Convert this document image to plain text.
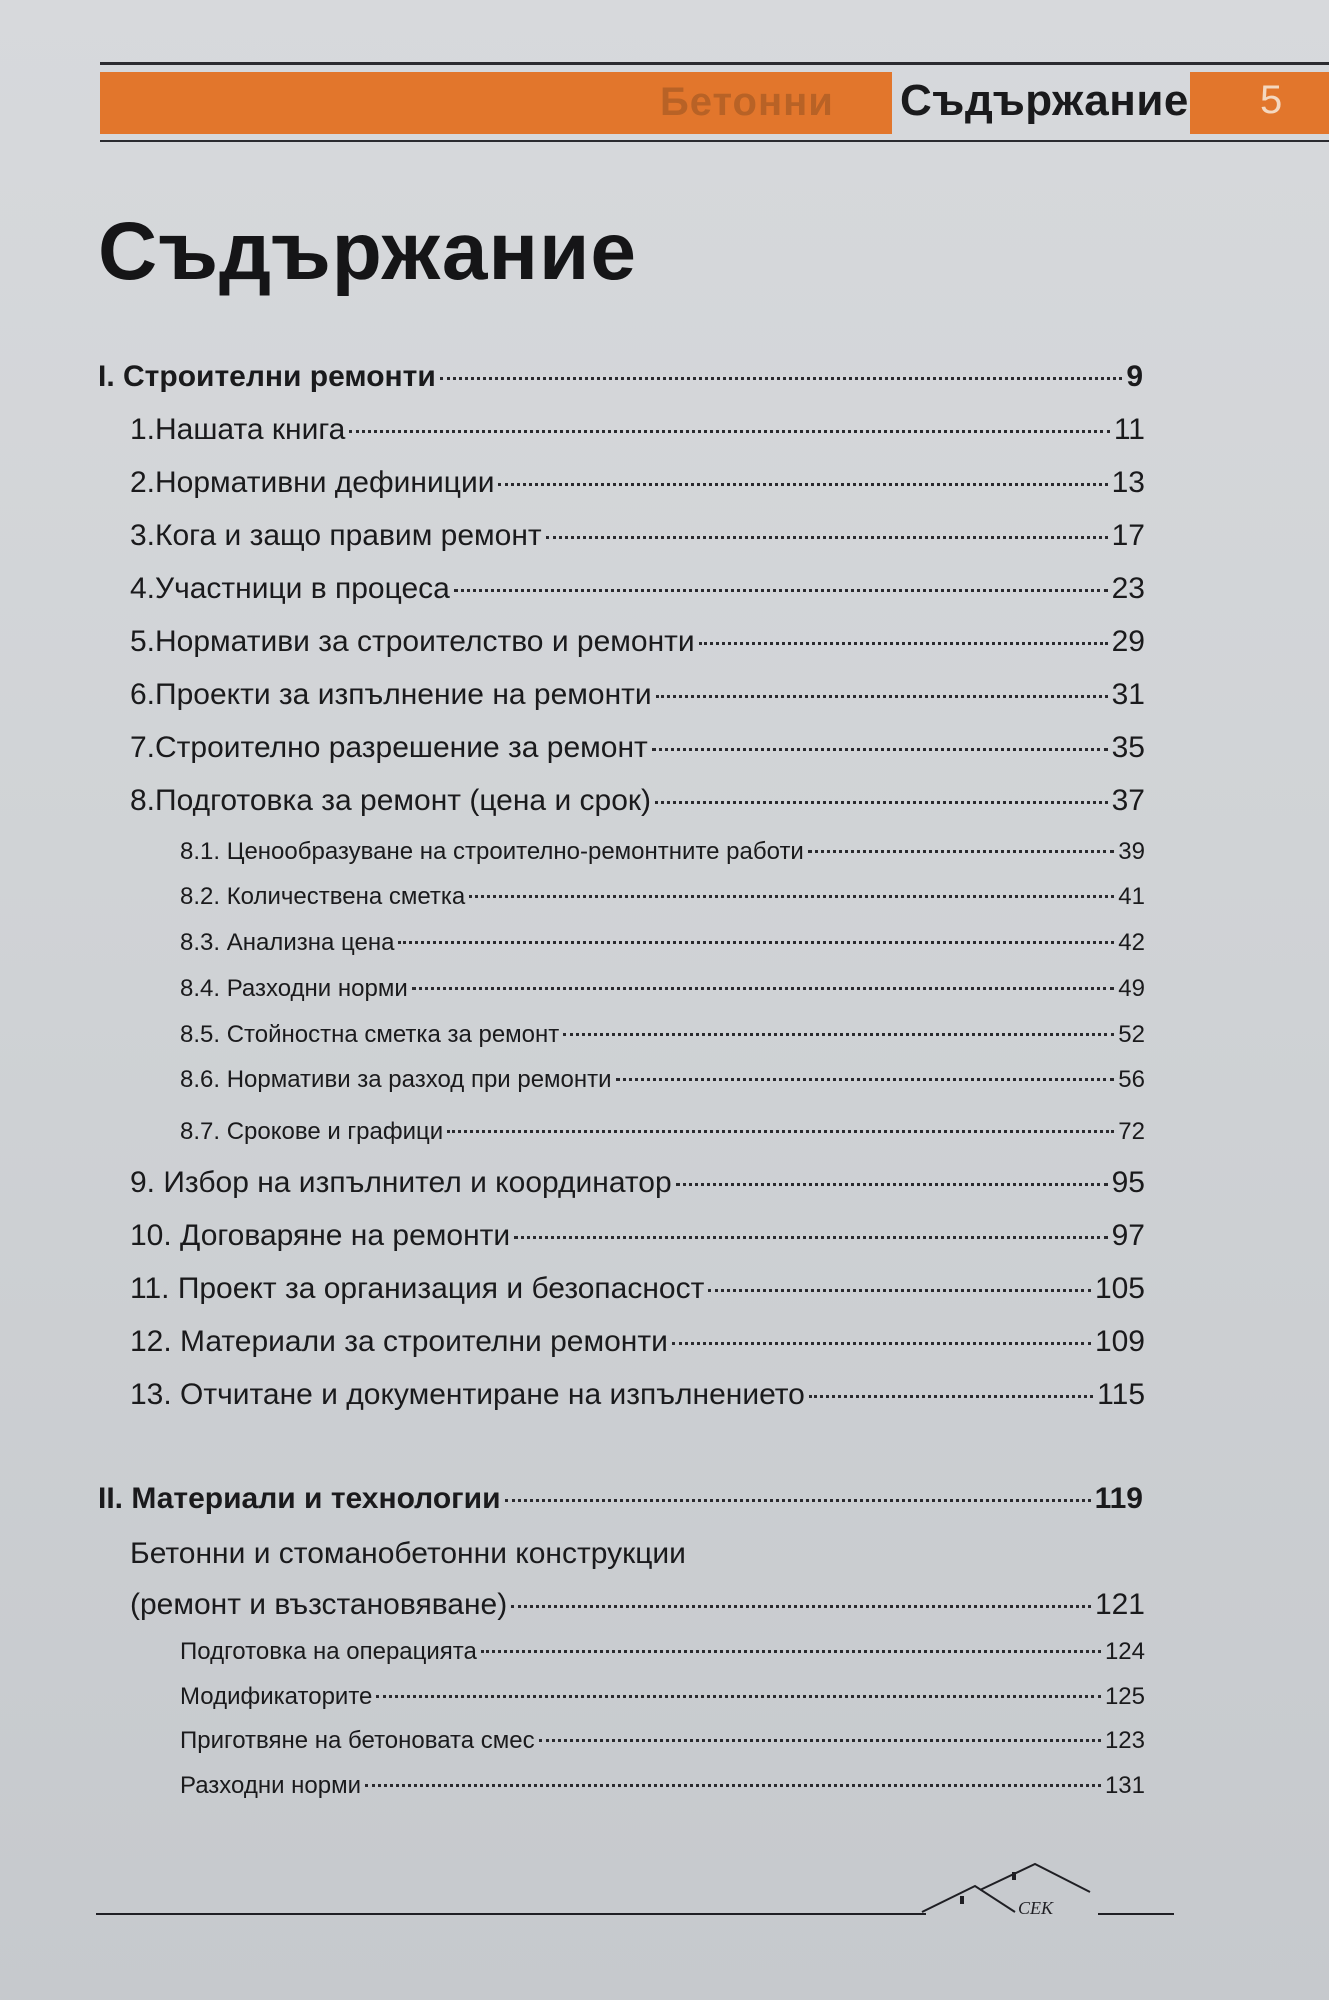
Бетонни Съдържание 5
Съдържание
I. Строителни ремонти	9
1.Нашата книга	11
2.Нормативни дефиниции	13
3.Кога и защо правим ремонт	17
4.Участници в процеса	23
5.Нормативи за строителство и ремонти	29
6.Проекти за изпълнение на ремонти	31
7.Строително разрешение за ремонт	35
8.Подготовка за ремонт (цена и срок)	37
8.1. Ценообразуване на строително-ремонтните работи	39
8.2. Количествена сметка	41
8.3. Анализна цена	42
8.4. Разходни норми	49
8.5. Стойностна сметка за ремонт	52
8.6. Нормативи за разход при ремонти	56
8.7. Срокове и графици	72
9. Избор на изпълнител и координатор	95
10. Договаряне на ремонти	97
11. Проект за организация и безопасност	105
12. Материали за строителни ремонти	109
13. Отчитане и документиране на изпълнението	115
II. Материали и технологии	119
Бетонни и стоманобетонни конструкции
(ремонт и възстановяване)	121
Подготовка на операцията	124
Модификаторите	125
Приготвяне на бетоновата смес	123
Разходни норми	131
СЕК
